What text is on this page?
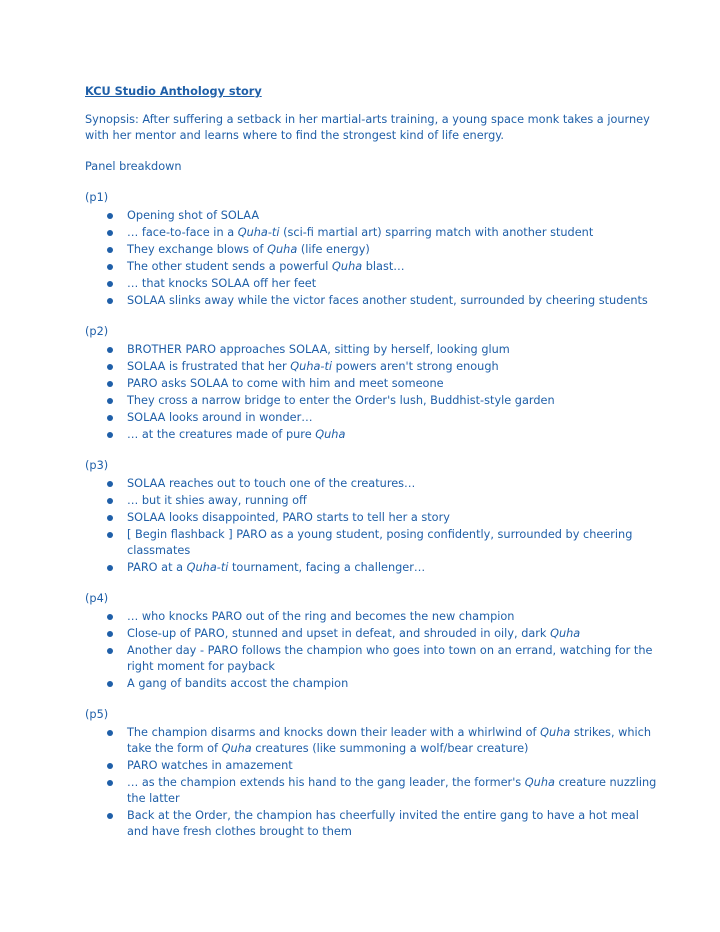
KCU Studio Anthology story
Synopsis: After suffering a setback in her martial-arts training, a young space monk takes a journey with her mentor and learns where to find the strongest kind of life energy.
Panel breakdown
(p1)
Opening shot of SOLAA
… face-to-face in a Quha-ti (sci-fi martial art) sparring match with another student
They exchange blows of Quha (life energy)
The other student sends a powerful Quha blast…
… that knocks SOLAA off her feet
SOLAA slinks away while the victor faces another student, surrounded by cheering students
(p2)
BROTHER PARO approaches SOLAA, sitting by herself, looking glum
SOLAA is frustrated that her Quha-ti powers aren't strong enough
PARO asks SOLAA to come with him and meet someone
They cross a narrow bridge to enter the Order's lush, Buddhist-style garden
SOLAA looks around in wonder…
… at the creatures made of pure Quha
(p3)
SOLAA reaches out to touch one of the creatures…
… but it shies away, running off
SOLAA looks disappointed, PARO starts to tell her a story
[ Begin flashback ] PARO as a young student, posing confidently, surrounded by cheering classmates
PARO at a Quha-ti tournament, facing a challenger…
(p4)
… who knocks PARO out of the ring and becomes the new champion
Close-up of PARO, stunned and upset in defeat, and shrouded in oily, dark Quha
Another day - PARO follows the champion who goes into town on an errand, watching for the right moment for payback
A gang of bandits accost the champion
(p5)
The champion disarms and knocks down their leader with a whirlwind of Quha strikes, which take the form of Quha creatures (like summoning a wolf/bear creature)
PARO watches in amazement
… as the champion extends his hand to the gang leader, the former's Quha creature nuzzling the latter
Back at the Order, the champion has cheerfully invited the entire gang to have a hot meal and have fresh clothes brought to them
